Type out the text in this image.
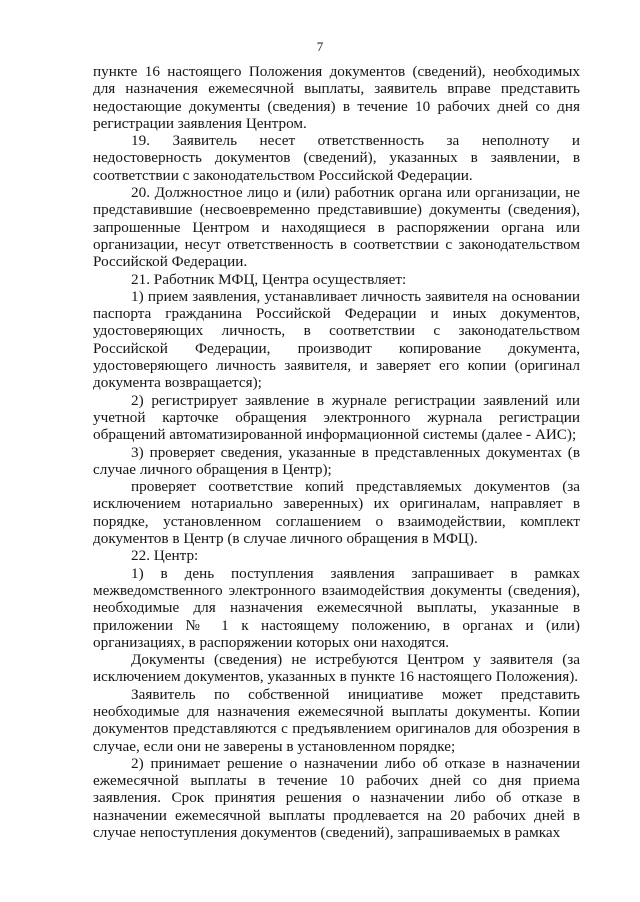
7

пункте 16 настоящего Положения документов (сведений), необходимых для назначения ежемесячной выплаты, заявитель вправе представить недостающие документы (сведения) в течение 10 рабочих дней со дня регистрации заявления Центром.

19. Заявитель несет ответственность за неполноту и недостоверность документов (сведений), указанных в заявлении, в соответствии с законодательством Российской Федерации.

20. Должностное лицо и (или) работник органа или организации, не представившие (несвоевременно представившие) документы (сведения), запрошенные Центром и находящиеся в распоряжении органа или организации, несут ответственность в соответствии с законодательством Российской Федерации.

21. Работник МФЦ, Центра осуществляет:

1) прием заявления, устанавливает личность заявителя на основании паспорта гражданина Российской Федерации и иных документов, удостоверяющих личность, в соответствии с законодательством Российской Федерации, производит копирование документа, удостоверяющего личность заявителя, и заверяет его копии (оригинал документа возвращается);

2) регистрирует заявление в журнале регистрации заявлений или учетной карточке обращения электронного журнала регистрации обращений автоматизированной информационной системы (далее - АИС);

3) проверяет сведения, указанные в представленных документах (в случае личного обращения в Центр);

проверяет соответствие копий представляемых документов (за исключением нотариально заверенных) их оригиналам, направляет в порядке, установленном соглашением о взаимодействии, комплект документов в Центр (в случае личного обращения в МФЦ).

22. Центр:

1) в день поступления заявления запрашивает в рамках межведомственного электронного взаимодействия документы (сведения), необходимые для назначения ежемесячной выплаты, указанные в приложении № 1 к настоящему положению, в органах и (или) организациях, в распоряжении которых они находятся.

Документы (сведения) не истребуются Центром у заявителя (за исключением документов, указанных в пункте 16 настоящего Положения).

Заявитель по собственной инициативе может представить необходимые для назначения ежемесячной выплаты документы. Копии документов представляются с предъявлением оригиналов для обозрения в случае, если они не заверены в установленном порядке;

2) принимает решение о назначении либо об отказе в назначении ежемесячной выплаты в течение 10 рабочих дней со дня приема заявления. Срок принятия решения о назначении либо об отказе в назначении ежемесячной выплаты продлевается на 20 рабочих дней в случае непоступления документов (сведений), запрашиваемых в рамках
